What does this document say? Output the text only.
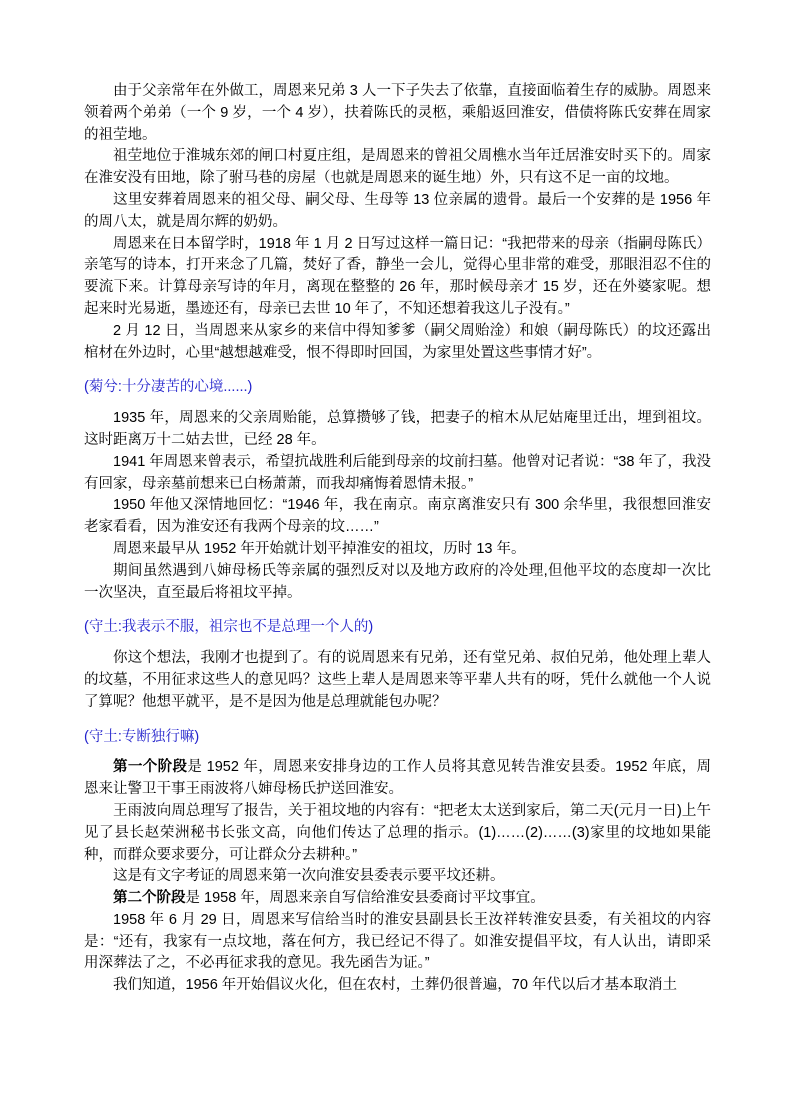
由于父亲常年在外做工，周恩来兄弟 3 人一下子失去了依靠，直接面临着生存的威胁。周恩来领着两个弟弟（一个 9 岁，一个 4 岁），扶着陈氏的灵柩，乘船返回淮安，借债将陈氏安葬在周家的祖茔地。

祖茔地位于淮城东郊的闸口村夏庄组，是周恩来的曾祖父周樵水当年迁居淮安时买下的。周家在淮安没有田地，除了驸马巷的房屋（也就是周恩来的诞生地）外，只有这不足一亩的坟地。

这里安葬着周恩来的祖父母、嗣父母、生母等 13 位亲属的遗骨。最后一个安葬的是 1956 年的周八太，就是周尔辉的奶奶。

周恩来在日本留学时，1918 年 1 月 2 日写过这样一篇日记：“我把带来的母亲（指嗣母陈氏）亲笔写的诗本，打开来念了几篇，焚好了香，静坐一会儿，觉得心里非常的难受，那眼泪忍不住的要流下来。计算母亲写诗的年月，离现在整整的 26 年，那时候母亲才 15 岁，还在外婆家呢。想起来时光易逝，墨迹还有，母亲已去世 10 年了，不知还想着我这儿子没有。”

2 月 12 日，当周恩来从家乡的来信中得知爹爹（嗣父周贻淦）和娘（嗣母陈氏）的坟还露出棺材在外边时，心里“越想越难受，恨不得即时回国，为家里处置这些事情才好”。

(菊兮:十分凄苦的心境......)

1935 年，周恩来的父亲周贻能，总算攒够了钱，把妻子的棺木从尼姑庵里迁出，埋到祖坟。这时距离万十二姑去世，已经 28 年。

1941 年周恩来曾表示，希望抗战胜利后能到母亲的坟前扫墓。他曾对记者说：“38 年了，我没有回家，母亲墓前想来已白杨萧萧，而我却痛悔着恩情未报。”

1950 年他又深情地回忆：“1946 年，我在南京。南京离淮安只有 300 余华里，我很想回淮安老家看看，因为淮安还有我两个母亲的坟……”

周恩来最早从 1952 年开始就计划平掉淮安的祖坟，历时 13 年。

期间虽然遇到八婶母杨氏等亲属的强烈反对以及地方政府的冷处理,但他平坟的态度却一次比一次坚决，直至最后将祖坟平掉。

(守土:我表示不服，祖宗也不是总理一个人的)

你这个想法，我刚才也提到了。有的说周恩来有兄弟，还有堂兄弟、叔伯兄弟，他处理上辈人的坟墓，不用征求这些人的意见吗？这些上辈人是周恩来等平辈人共有的呀，凭什么就他一个人说了算呢？他想平就平，是不是因为他是总理就能包办呢？

(守土:专断独行嘛)

第一个阶段是 1952 年，周恩来安排身边的工作人员将其意见转告淮安县委。1952 年底，周恩来让警卫干事王雨波将八婶母杨氏护送回淮安。

王雨波向周总理写了报告，关于祖坟地的内容有：“把老太太送到家后，第二天(元月一日)上午见了县长赵荣洲秘书长张文高，向他们传达了总理的指示。(1)……(2)……(3)家里的坟地如果能种，而群众要求要分，可让群众分去耕种。”

这是有文字考证的周恩来第一次向淮安县委表示要平坟还耕。

第二个阶段是 1958 年，周恩来亲自写信给淮安县委商讨平坟事宜。

1958 年 6 月 29 日，周恩来写信给当时的淮安县副县长王汝祥转淮安县委，有关祖坟的内容是：“还有，我家有一点坟地，落在何方，我已经记不得了。如淮安提倡平坟，有人认出，请即采用深葬法了之，不必再征求我的意见。我先函告为证。”

我们知道，1956 年开始倡议火化，但在农村，土葬仍很普遍，70 年代以后才基本取消土
